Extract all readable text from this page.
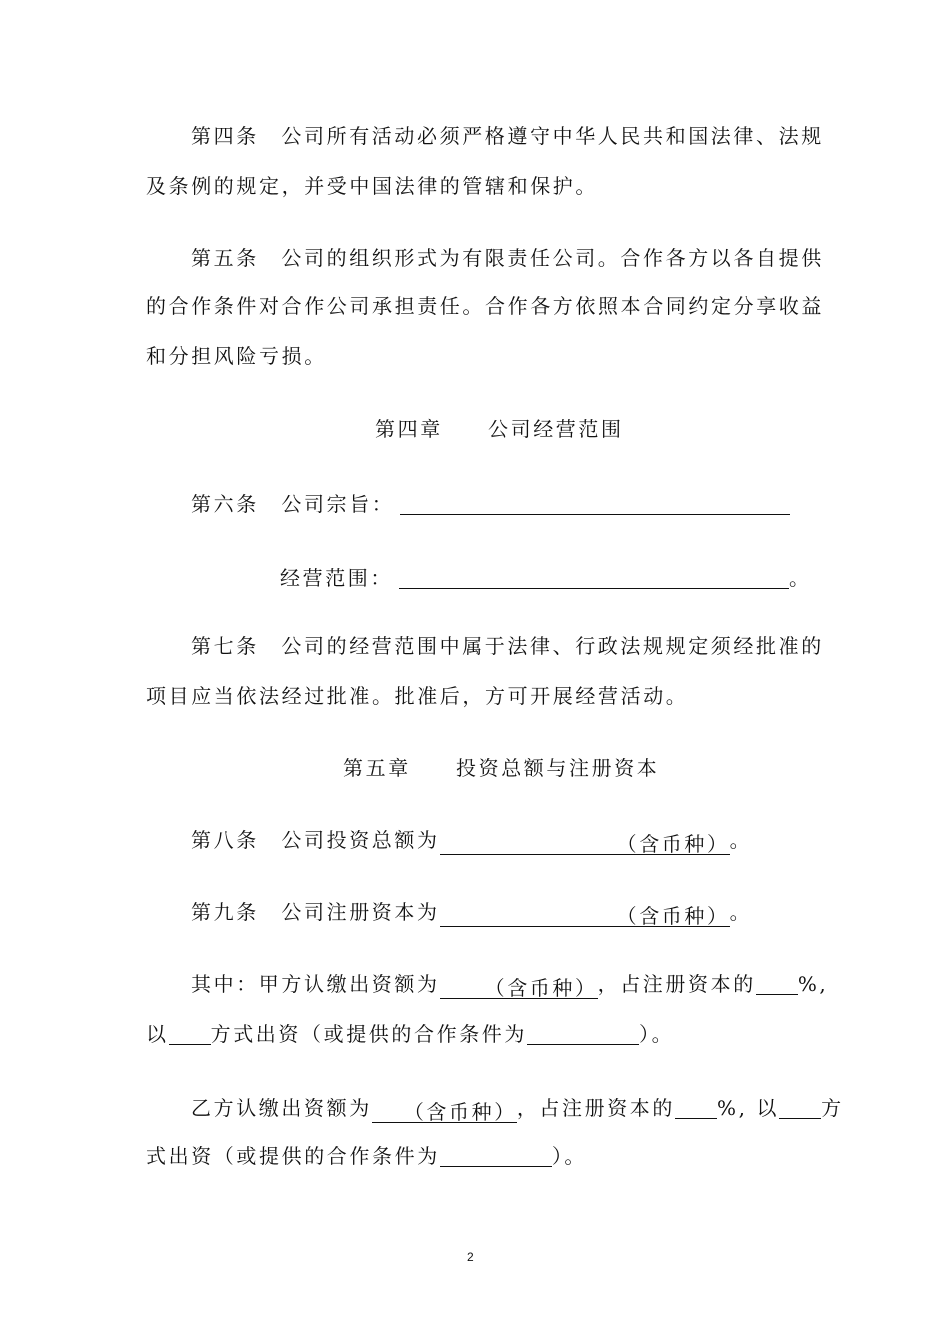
第四条　公司所有活动必须严格遵守中华人民共和国法律、法规
及条例的规定，并受中国法律的管辖和保护。
第五条　公司的组织形式为有限责任公司。合作各方以各自提供
的合作条件对合作公司承担责任。合作各方依照本合同约定分享收益
和分担风险亏损。
第四章　　公司经营范围
第六条　公司宗旨：
经营范围：	。
第七条　公司的经营范围中属于法律、行政法规规定须经批准的
项目应当依法经过批准。批准后，方可开展经营活动。
第五章　　投资总额与注册资本
第八条　公司投资总额为	（含币种）。
第九条　公司注册资本为	（含币种）。
其中：甲方认缴出资额为 （含币种），占注册资本的 %,
以 方式出资（或提供的合作条件为	）。
乙方认缴出资额为 （含币种），占注册资本的 %, 以 方
式出资（或提供的合作条件为	）。
2
